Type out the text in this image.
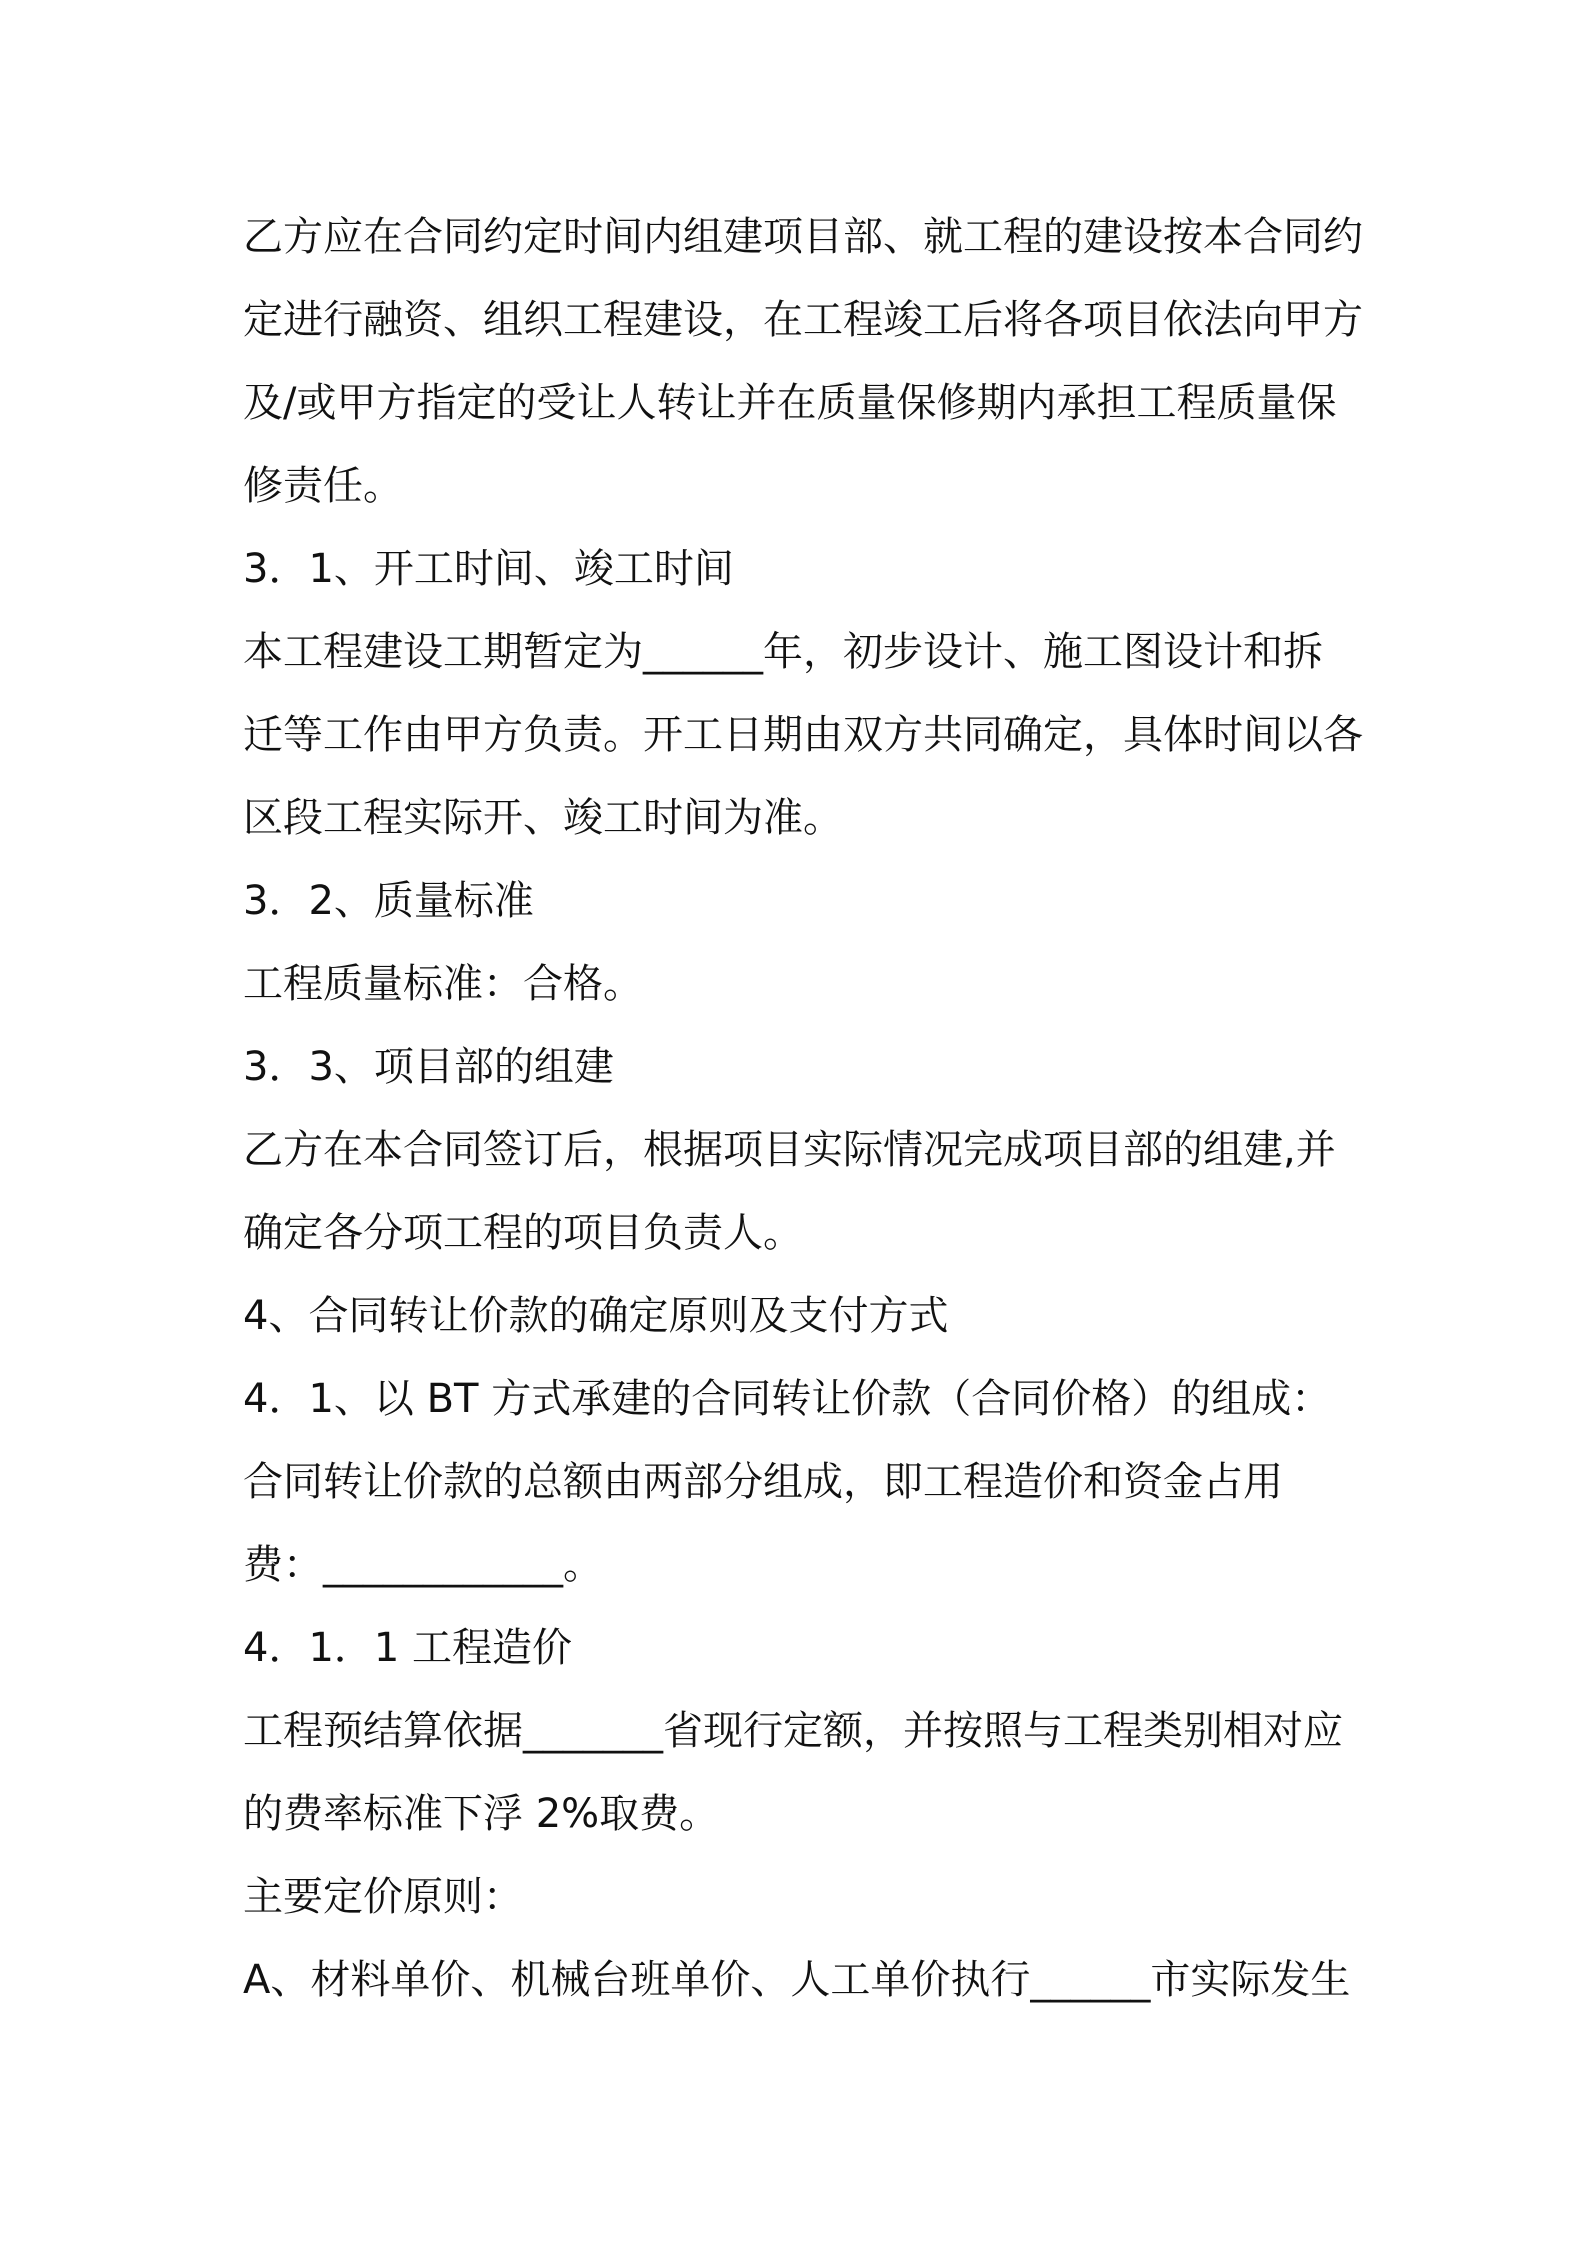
乙方应在合同约定时间内组建项目部、就工程的建设按本合同约

定进行融资、组织工程建设，在工程竣工后将各项目依法向甲方

及/或甲方指定的受让人转让并在质量保修期内承担工程质量保

修责任。

3．1、开工时间、竣工时间

本工程建设工期暂定为______年，初步设计、施工图设计和拆

迁等工作由甲方负责。开工日期由双方共同确定，具体时间以各

区段工程实际开、竣工时间为准。

3．2、质量标准

工程质量标准：合格。

3．3、项目部的组建

乙方在本合同签订后，根据项目实际情况完成项目部的组建,并

确定各分项工程的项目负责人。

4、合同转让价款的确定原则及支付方式

4．1、以 BT 方式承建的合同转让价款（合同价格）的组成：

合同转让价款的总额由两部分组成，即工程造价和资金占用

费：____________。

4．1．1 工程造价

工程预结算依据_______省现行定额，并按照与工程类别相对应

的费率标准下浮 2%取费。

主要定价原则：

A、材料单价、机械台班单价、人工单价执行______市实际发生
